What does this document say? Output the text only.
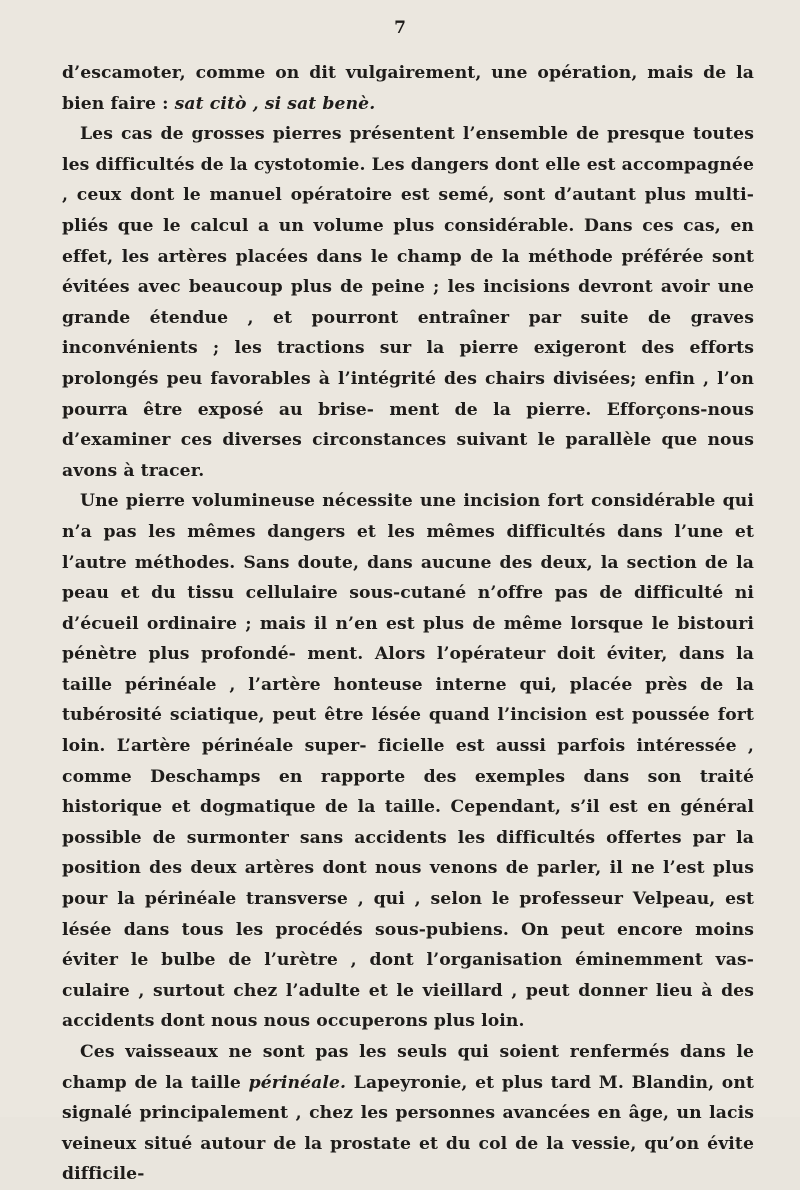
7

d’escamoter, comme on dit vulgairement, une opération, mais de la bien faire : sat citò , si sat benè.

Les cas de grosses pierres présentent l’ensemble de presque toutes les difficultés de la cystotomie. Les dangers dont elle est accompagnée , ceux dont le manuel opératoire est semé, sont d’autant plus multi- pliés que le calcul a un volume plus considérable. Dans ces cas, en effet, les artères placées dans le champ de la méthode préférée sont évitées avec beaucoup plus de peine ; les incisions devront avoir une grande étendue , et pourront entraîner par suite de graves inconvénients ; les tractions sur la pierre exigeront des efforts prolongés peu favorables à l’intégrité des chairs divisées; enfin , l’on pourra être exposé au brise- ment de la pierre. Efforçons-nous d’examiner ces diverses circonstances suivant le parallèle que nous avons à tracer.

Une pierre volumineuse nécessite une incision fort considérable qui n’a pas les mêmes dangers et les mêmes difficultés dans l’une et l’autre méthodes. Sans doute, dans aucune des deux, la section de la peau et du tissu cellulaire sous-cutané n’offre pas de difficulté ni d’écueil ordinaire ; mais il n’en est plus de même lorsque le bistouri pénètre plus profondé- ment. Alors l’opérateur doit éviter, dans la taille périnéale , l’artère honteuse interne qui, placée près de la tubérosité sciatique, peut être lésée quand l’incision est poussée fort loin. L’artère périnéale super- ficielle est aussi parfois intéressée , comme Deschamps en rapporte des exemples dans son traité historique et dogmatique de la taille. Cependant, s’il est en général possible de surmonter sans accidents les difficultés offertes par la position des deux artères dont nous venons de parler, il ne l’est plus pour la périnéale transverse , qui , selon le professeur Velpeau, est lésée dans tous les procédés sous-pubiens. On peut encore moins éviter le bulbe de l’urètre , dont l’organisation éminemment vas- culaire , surtout chez l’adulte et le vieillard , peut donner lieu à des accidents dont nous nous occuperons plus loin.

Ces vaisseaux ne sont pas les seuls qui soient renfermés dans le champ de la taille périnéale. Lapeyronie, et plus tard M. Blandin, ont signalé principalement , chez les personnes avancées en âge, un lacis veineux situé autour de la prostate et du col de la vessie, qu’on évite difficile-
